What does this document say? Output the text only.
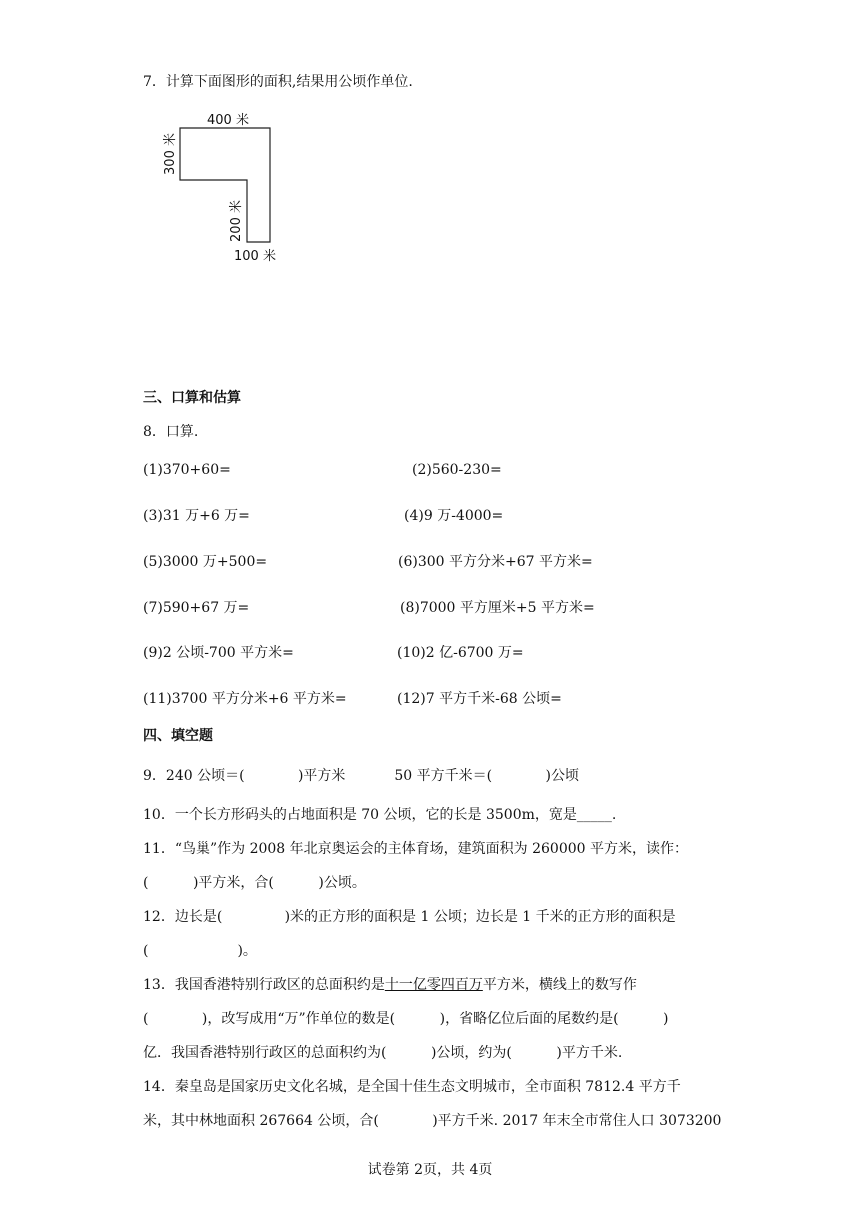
7．计算下面图形的面积,结果用公顷作单位.
400 米
300 米
200 米
100 米
三、口算和估算
8．口算.
(1)370+60=	(2)560-230=
(3)31 万+6 万=	(4)9 万-4000=
(5)3000 万+500=	(6)300 平方分米+67 平方米=
(7)590+67 万=	(8)7000 平方厘米+5 平方米=
(9)2 公顷-700 平方米=	(10)2 亿-6700 万=
(11)3700 平方分米+6 平方米=	(12)7 平方千米-68 公顷=
四、填空题
9．240 公顷＝(            )平方米           50 平方千米＝(            )公顷
10．一个长方形码头的占地面积是 70 公顷，它的长是 3500m，宽是_____.
11．“鸟巢”作为 2008 年北京奥运会的主体育场，建筑面积为 260000 平方米，读作：
(          )平方米，合(          )公顷。
12．边长是(              )米的正方形的面积是 1 公顷；边长是 1 千米的正方形的面积是
(                    )。
13．我国香港特别行政区的总面积约是十一亿零四百万平方米，横线上的数写作
(            )，改写成用“万”作单位的数是(          )，省略亿位后面的尾数约是(          )
亿．我国香港特别行政区的总面积约为(          )公顷，约为(          )平方千米.
14．秦皇岛是国家历史文化名城，是全国十佳生态文明城市，全市面积 7812.4 平方千
米，其中林地面积 267664 公顷，合(            )平方千米. 2017 年末全市常住人口 3073200
试卷第 2页，共 4页
